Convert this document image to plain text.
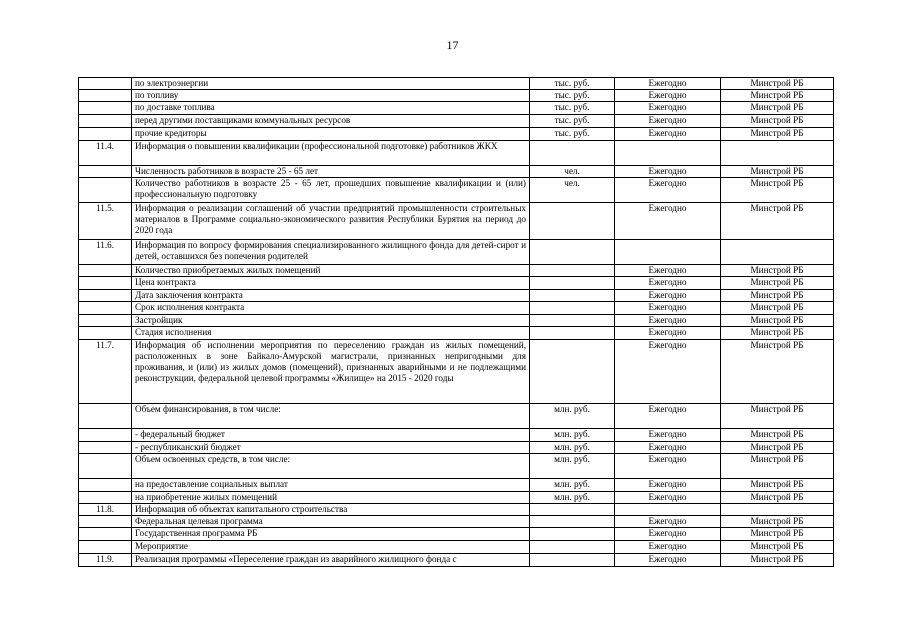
17
	по электроэнергии	тыс. руб.	Ежегодно	Минстрой РБ
	по топливу	тыс. руб.	Ежегодно	Минстрой РБ
	по доставке топлива	тыс. руб.	Ежегодно	Минстрой РБ
	перед другими поставщиками коммунальных ресурсов	тыс. руб.	Ежегодно	Минстрой РБ
	прочие кредиторы	тыс. руб.	Ежегодно	Минстрой РБ
11.4.	Информация о повышении квалификации (профессиональной подготовке) работников ЖКХ			
	Численность работников в возрасте 25 - 65 лет	чел.	Ежегодно	Минстрой РБ
	Количество работников в возрасте 25 - 65 лет, прошедших повышение квалификации и (или) профессиональную подготовку	чел.	Ежегодно	Минстрой РБ
11.5.	Информация о реализации соглашений об участии предприятий промышленности строительных материалов в Программе социально-экономического развития Республики Бурятия на период до 2020 года		Ежегодно	Минстрой РБ
11.6.	Информация по вопросу формирования специализированного жилищного фонда для детей-сирот и детей, оставшихся без попечения родителей			
	Количество приобретаемых жилых помещений		Ежегодно	Минстрой РБ
	Цена контракта		Ежегодно	Минстрой РБ
	Дата заключения контракта		Ежегодно	Минстрой РБ
	Срок исполнения контракта		Ежегодно	Минстрой РБ
	Застройщик		Ежегодно	Минстрой РБ
	Стадия исполнения		Ежегодно	Минстрой РБ
11.7.	Информация об исполнении мероприятия по переселению граждан из жилых помещений, расположенных в зоне Байкало-Амурской магистрали, признанных непригодными для проживания, и (или) из жилых домов (помещений), признанных аварийными и не подлежащими реконструкции, федеральной целевой программы «Жилище» на 2015 - 2020 годы		Ежегодно	Минстрой РБ
	Объем финансирования, в том числе:	млн. руб.	Ежегодно	Минстрой РБ
	- федеральный бюджет	млн. руб.	Ежегодно	Минстрой РБ
	- республиканский бюджет	млн. руб.	Ежегодно	Минстрой РБ
	Объем освоенных средств, в том числе:	млн. руб.	Ежегодно	Минстрой РБ
	на предоставление социальных выплат	млн. руб.	Ежегодно	Минстрой РБ
	на приобретение жилых помещений	млн. руб.	Ежегодно	Минстрой РБ
11.8.	Информация об объектах капитального строительства			
	Федеральная целевая программа		Ежегодно	Минстрой РБ
	Государственная программа РБ		Ежегодно	Минстрой РБ
	Мероприятие		Ежегодно	Минстрой РБ
11.9.	Реализация программы «Переселение граждан из аварийного жилищного фонда с		Ежегодно	Минстрой РБ
